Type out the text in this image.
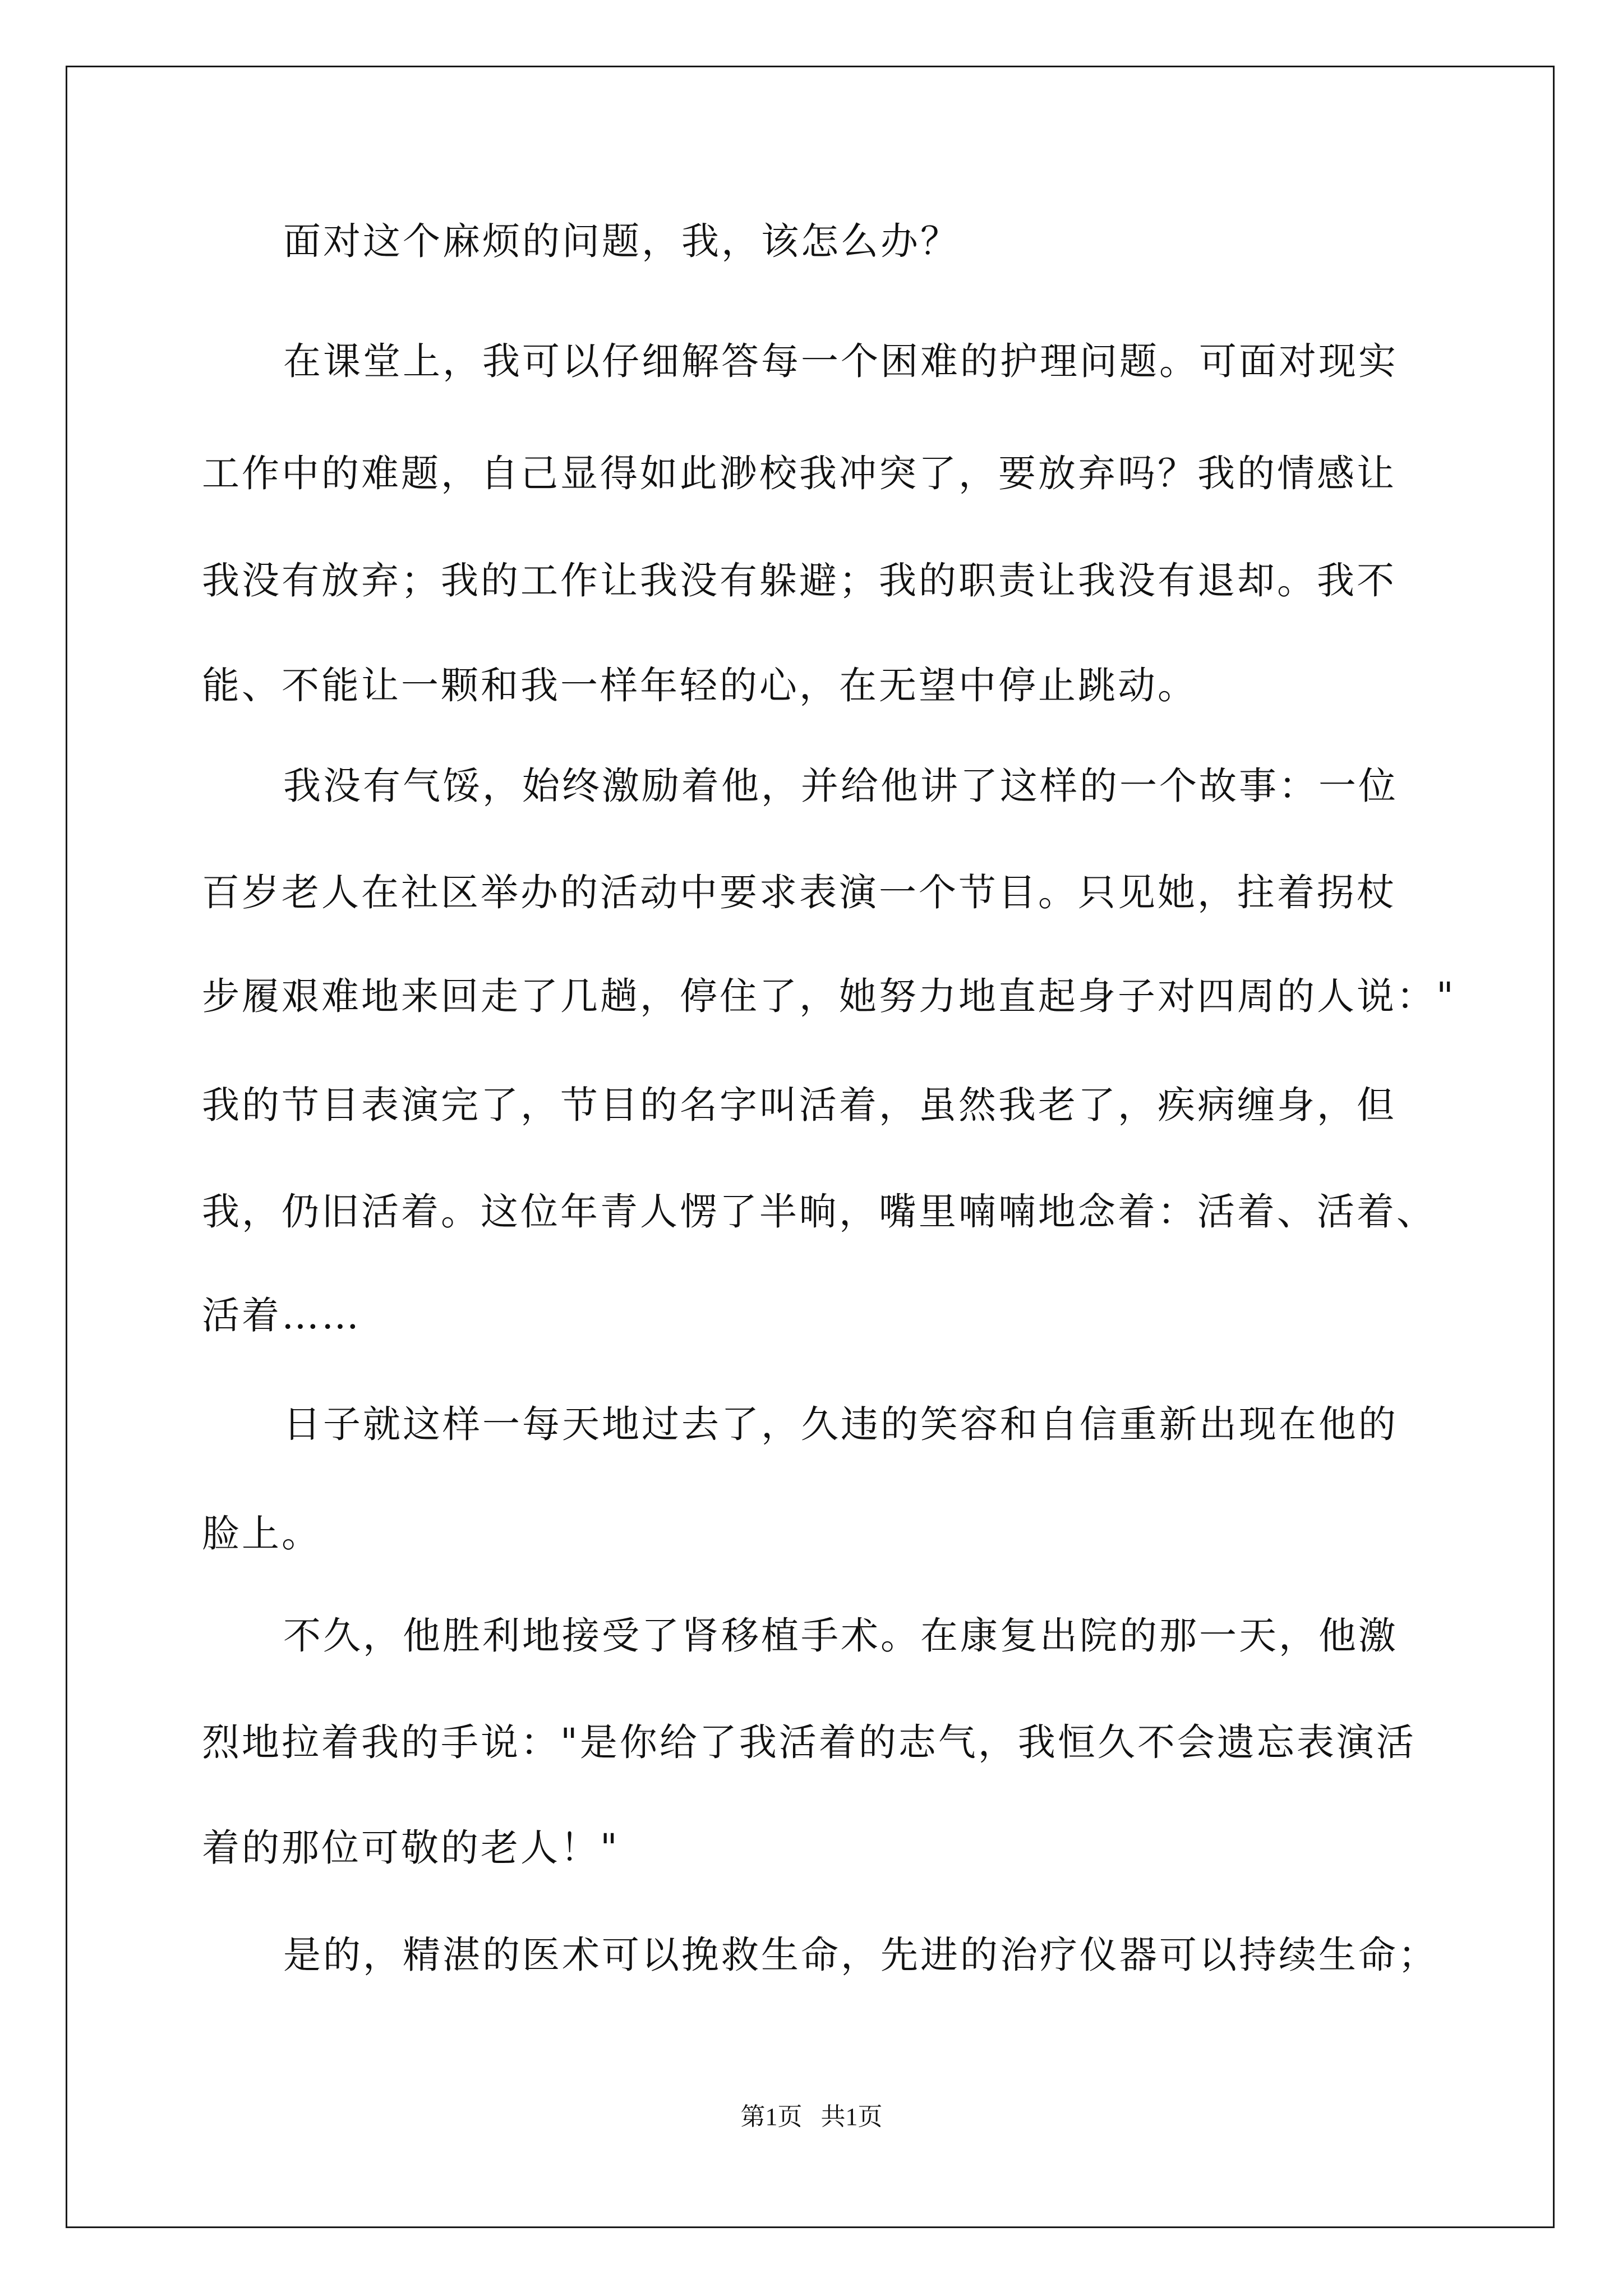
面对这个麻烦的问题，我，该怎么办？
在课堂上，我可以仔细解答每一个困难的护理问题。可面对现实
工作中的难题，自己显得如此渺校我冲突了，要放弃吗？我的情感让
我没有放弃；我的工作让我没有躲避；我的职责让我没有退却。我不
能、不能让一颗和我一样年轻的心，在无望中停止跳动。
我没有气馁，始终激励着他，并给他讲了这样的一个故事：一位
百岁老人在社区举办的活动中要求表演一个节目。只见她，拄着拐杖
步履艰难地来回走了几趟，停住了，她努力地直起身子对四周的人说："
我的节目表演完了，节目的名字叫活着，虽然我老了，疾病缠身，但
我，仍旧活着。这位年青人愣了半晌，嘴里喃喃地念着：活着、活着、
活着……
日子就这样一每天地过去了，久违的笑容和自信重新出现在他的
脸上。
不久，他胜利地接受了肾移植手术。在康复出院的那一天，他激
烈地拉着我的手说："是你给了我活着的志气，我恒久不会遗忘表演活
着的那位可敬的老人！"
是的，精湛的医术可以挽救生命，先进的治疗仪器可以持续生命；
第1页   共1页
